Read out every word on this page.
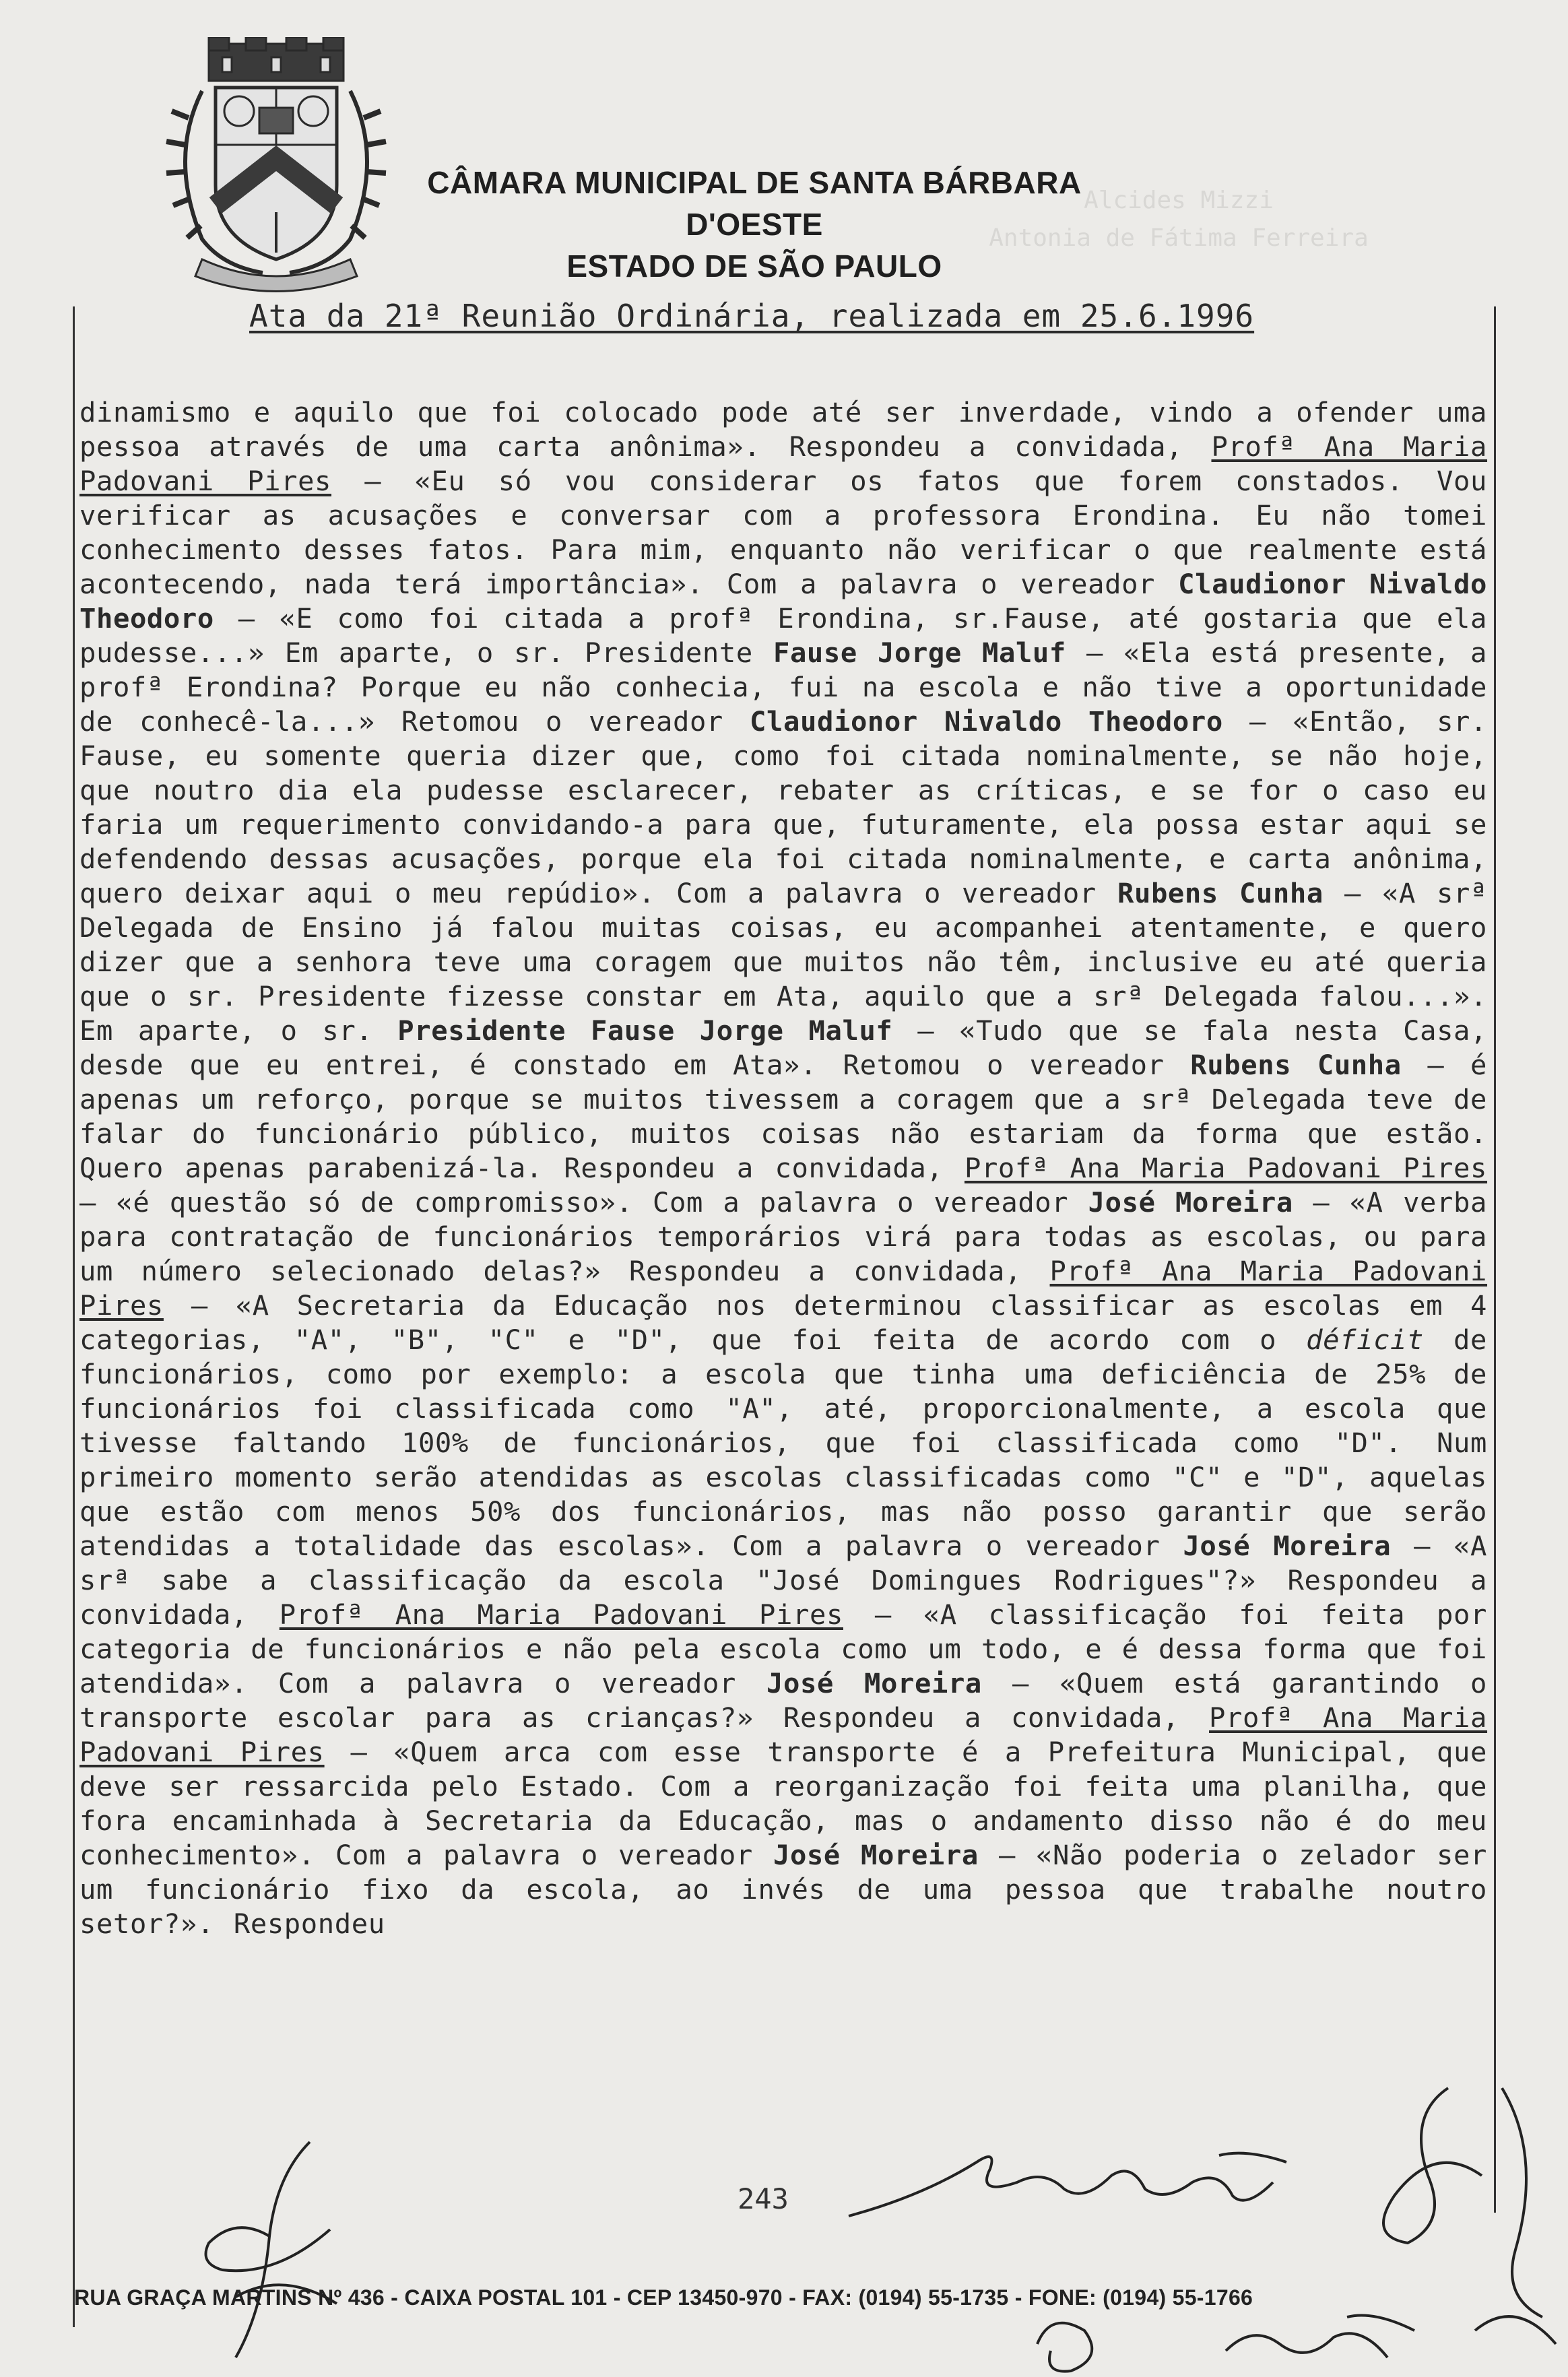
CÂMARA MUNICIPAL DE SANTA BÁRBARA D'OESTE
ESTADO DE SÃO PAULO
Alcides Mizzi
Antonia de Fátima Ferreira
Ata da 21ª Reunião Ordinária, realizada em 25.6.1996
dinamismo e aquilo que foi colocado pode até ser inverdade, vindo a ofender uma pessoa através de uma carta anônima». Respondeu a convidada, Profª Ana Maria Padovani Pires – «Eu só vou considerar os fatos que forem constados. Vou verificar as acusações e conversar com a professora Erondina. Eu não tomei conhecimento desses fatos. Para mim, enquanto não verificar o que realmente está acontecendo, nada terá importância». Com a palavra o vereador Claudionor Nivaldo Theodoro – «E como foi citada a profª Erondina, sr.Fause, até gostaria que ela pudesse...» Em aparte, o sr. Presidente Fause Jorge Maluf – «Ela está presente, a profª Erondina? Porque eu não conhecia, fui na escola e não tive a oportunidade de conhecê-la...» Retomou o vereador Claudionor Nivaldo Theodoro – «Então, sr. Fause, eu somente queria dizer que, como foi citada nominalmente, se não hoje, que noutro dia ela pudesse esclarecer, rebater as críticas, e se for o caso eu faria um requerimento convidando-a para que, futuramente, ela possa estar aqui se defendendo dessas acusações, porque ela foi citada nominalmente, e carta anônima, quero deixar aqui o meu repúdio». Com a palavra o vereador Rubens Cunha – «A srª Delegada de Ensino já falou muitas coisas, eu acompanhei atentamente, e quero dizer que a senhora teve uma coragem que muitos não têm, inclusive eu até queria que o sr. Presidente fizesse constar em Ata, aquilo que a srª Delegada falou...». Em aparte, o sr. Presidente Fause Jorge Maluf – «Tudo que se fala nesta Casa, desde que eu entrei, é constado em Ata». Retomou o vereador Rubens Cunha – é apenas um reforço, porque se muitos tivessem a coragem que a srª Delegada teve de falar do funcionário público, muitos coisas não estariam da forma que estão. Quero apenas parabenizá-la. Respondeu a convidada, Profª Ana Maria Padovani Pires – «é questão só de compromisso». Com a palavra o vereador José Moreira – «A verba para contratação de funcionários temporários virá para todas as escolas, ou para um número selecionado delas?» Respondeu a convidada, Profª Ana Maria Padovani Pires – «A Secretaria da Educação nos determinou classificar as escolas em 4 categorias, "A", "B", "C" e "D", que foi feita de acordo com o déficit de funcionários, como por exemplo: a escola que tinha uma deficiência de 25% de funcionários foi classificada como "A", até, proporcionalmente, a escola que tivesse faltando 100% de funcionários, que foi classificada como "D". Num primeiro momento serão atendidas as escolas classificadas como "C" e "D", aquelas que estão com menos 50% dos funcionários, mas não posso garantir que serão atendidas a totalidade das escolas». Com a palavra o vereador José Moreira – «A srª sabe a classificação da escola "José Domingues Rodrigues"?» Respondeu a convidada, Profª Ana Maria Padovani Pires – «A classificação foi feita por categoria de funcionários e não pela escola como um todo, e é dessa forma que foi atendida». Com a palavra o vereador José Moreira – «Quem está garantindo o transporte escolar para as crianças?» Respondeu a convidada, Profª Ana Maria Padovani Pires – «Quem arca com esse transporte é a Prefeitura Municipal, que deve ser ressarcida pelo Estado. Com a reorganização foi feita uma planilha, que fora encaminhada à Secretaria da Educação, mas o andamento disso não é do meu conhecimento». Com a palavra o vereador José Moreira – «Não poderia o zelador ser um funcionário fixo da escola, ao invés de uma pessoa que trabalhe noutro setor?». Respondeu
243
RUA GRAÇA MARTINS Nº 436 - CAIXA POSTAL 101 - CEP 13450-970 - FAX: (0194) 55-1735 - FONE: (0194) 55-1766
